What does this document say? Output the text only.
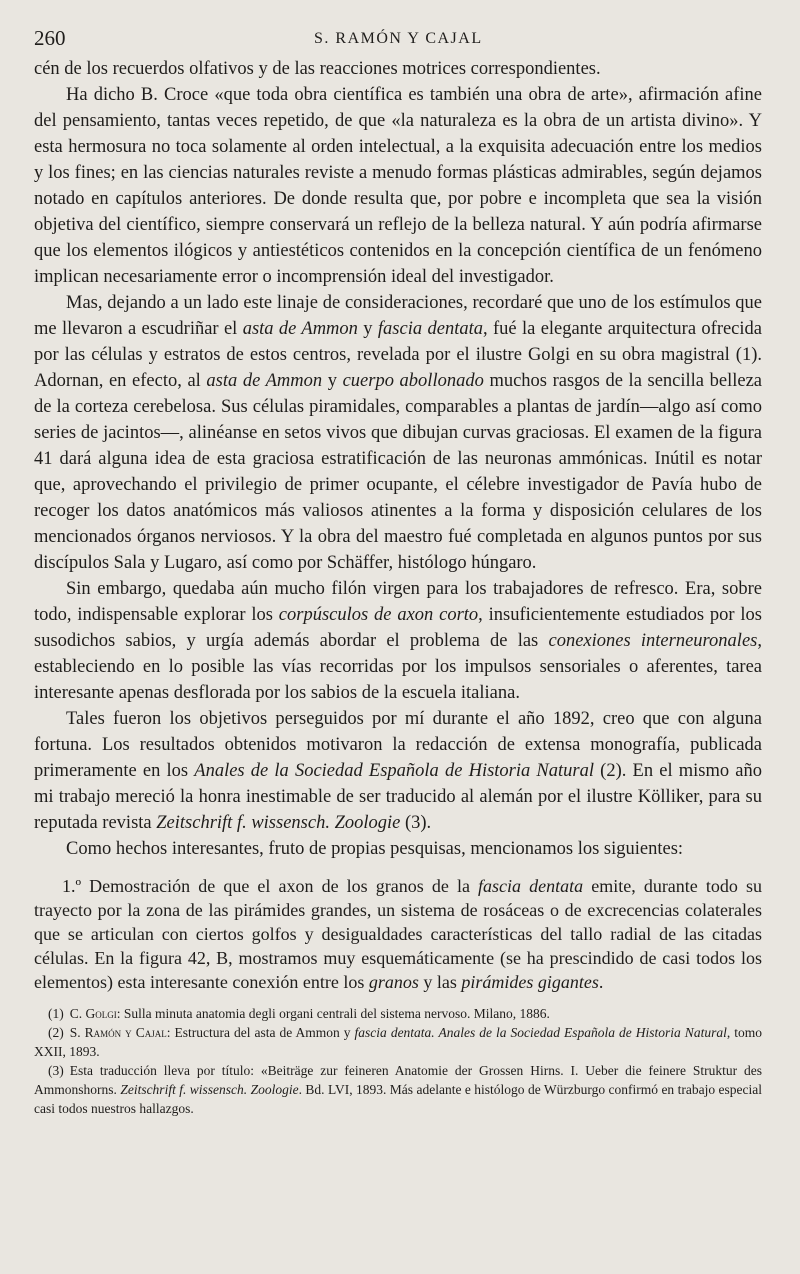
260	S. RAMÓN Y CAJAL

cén de los recuerdos olfativos y de las reacciones motrices correspondientes.

Ha dicho B. Croce «que toda obra científica es también una obra de arte», afirmación afine del pensamiento, tantas veces repetido, de que «la naturaleza es la obra de un artista divino». Y esta hermosura no toca solamente al orden intelectual, a la exquisita adecuación entre los medios y los fines; en las ciencias naturales reviste a menudo formas plásticas admirables, según dejamos notado en capítulos anteriores. De donde resulta que, por pobre e incompleta que sea la visión objetiva del científico, siempre conservará un reflejo de la belleza natural. Y aún podría afirmarse que los elementos ilógicos y antiestéticos contenidos en la concepción científica de un fenómeno implican necesariamente error o incomprensión ideal del investigador.

Mas, dejando a un lado este linaje de consideraciones, recordaré que uno de los estímulos que me llevaron a escudriñar el asta de Ammon y fascia dentata, fué la elegante arquitectura ofrecida por las células y estratos de estos centros, revelada por el ilustre Golgi en su obra magistral (1). Adornan, en efecto, al asta de Ammon y cuerpo abollonado muchos rasgos de la sencilla belleza de la corteza cerebelosa. Sus células piramidales, comparables a plantas de jardín—algo así como series de jacintos—, alinéanse en setos vivos que dibujan curvas graciosas. El examen de la figura 41 dará alguna idea de esta graciosa estratificación de las neuronas ammónicas. Inútil es notar que, aprovechando el privilegio de primer ocupante, el célebre investigador de Pavía hubo de recoger los datos anatómicos más valiosos atinentes a la forma y disposición celulares de los mencionados órganos nerviosos. Y la obra del maestro fué completada en algunos puntos por sus discípulos Sala y Lugaro, así como por Schäffer, histólogo húngaro.

Sin embargo, quedaba aún mucho filón virgen para los trabajadores de refresco. Era, sobre todo, indispensable explorar los corpúsculos de axon corto, insuficientemente estudiados por los susodichos sabios, y urgía además abordar el problema de las conexiones interneuronales, estableciendo en lo posible las vías recorridas por los impulsos sensoriales o aferentes, tarea interesante apenas desflorada por los sabios de la escuela italiana.

Tales fueron los objetivos perseguidos por mí durante el año 1892, creo que con alguna fortuna. Los resultados obtenidos motivaron la redacción de extensa monografía, publicada primeramente en los Anales de la Sociedad Española de Historia Natural (2). En el mismo año mi trabajo mereció la honra inestimable de ser traducido al alemán por el ilustre Kölliker, para su reputada revista Zeitschrift f. wissensch. Zoologie (3).

Como hechos interesantes, fruto de propias pesquisas, mencionamos los siguientes:

1.º Demostración de que el axon de los granos de la fascia dentata emite, durante todo su trayecto por la zona de las pirámides grandes, un sistema de rosáceas o de excrecencias colaterales que se articulan con ciertos golfos y desigualdades características del tallo radial de las citadas células. En la figura 42, B, mostramos muy esquemáticamente (se ha prescindido de casi todos los elementos) esta interesante conexión entre los granos y las pirámides gigantes.

(1) C. Golgi: Sulla minuta anatomia degli organi centrali del sistema nervoso. Milano, 1886.

(2) S. Ramón y Cajal: Estructura del asta de Ammon y fascia dentata. Anales de la Sociedad Española de Historia Natural, tomo XXII, 1893.

(3) Esta traducción lleva por título: «Beiträge zur feineren Anatomie der Grossen Hirns. I. Ueber die feinere Struktur des Ammonshorns. Zeitschrift f. wissensch. Zoologie. Bd. LVI, 1893. Más adelante e histólogo de Würzburgo confirmó en trabajo especial casi todos nuestros hallazgos.
